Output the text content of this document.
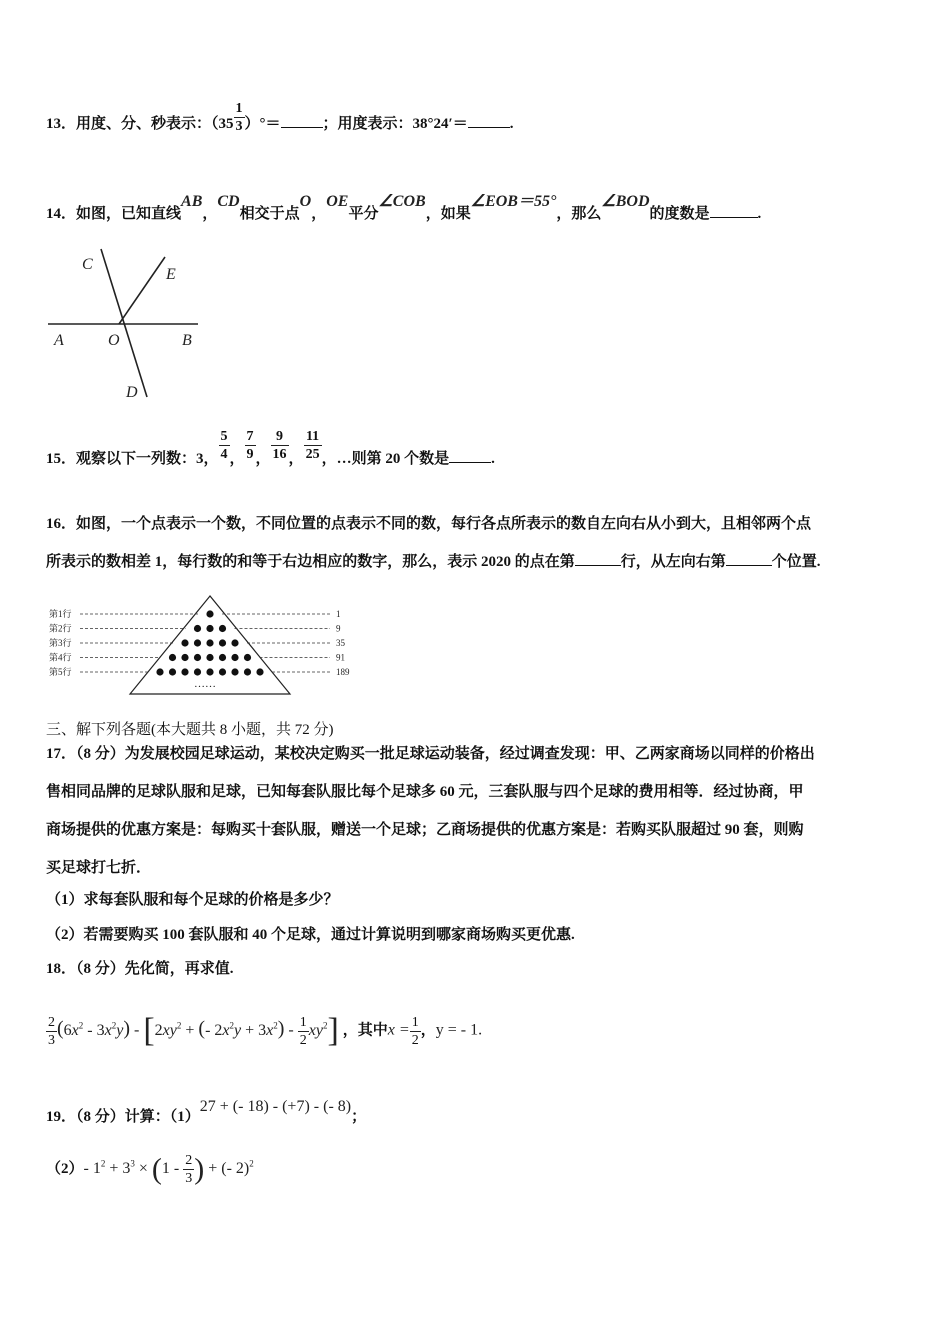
13．用度、分、秒表示：（$35 \frac{1}{3}$ ）°＝	；用度表示：38°24′＝	.
14．如图，已知直线AB，CD相交于点O，OE平分∠COB，如果∠EOB＝55°，那么∠BOD的度数是	.
C
E
A	O	B
D
15．观察以下一列数：3， $\frac{5}{4}$ ， $\frac{7}{9}$ ， $\frac{9}{16}$ ， $\frac{11}{25}$ ，…则第 20 个数是	.
16．如图，一个点表示一个数，不同位置的点表示不同的数，每行各点所表示的数自左向右从小到大，且相邻两个点
所表示的数相差 1，每行数的和等于右边相应的数字，那么，表示 2020 的点在第	行，从左向右第	个位置.
第1行	1
第2行	9
第3行	35
第4行	91
第5行	189
……
三、解下列各题(本大题共 8 小题，共 72 分)
17．（8 分）为发展校园足球运动，某校决定购买一批足球运动装备，经过调查发现：甲、乙两家商场以同样的价格出
售相同品牌的足球队服和足球，已知每套队服比每个足球多 60 元，三套队服与四个足球的费用相等．经过协商，甲
商场提供的优惠方案是：每购买十套队服，赠送一个足球；乙商场提供的优惠方案是：若购买队服超过 90 套，则购
买足球打七折．
（1）求每套队服和每个足球的价格是多少？
（2）若需要购买 100 套队服和 40 个足球，通过计算说明到哪家商场购买更优惠.
18．（8 分）先化简，再求值.
$\frac{2}{3} (6x^2 - 3x^2y) - [2xy^2$ + (- $2x^2y + 3x^2) - \frac{1}{2} xy^2$] ，其中$x = \frac{1}{2}$ ，y = - 1.
19．（8 分）计算：（1）27 + (- 18) - (+7) - (- 8)；
（2）- $1^2 + 3^3 \times (1 - \frac{2}{3}$ ) + (- 2)$^2$
